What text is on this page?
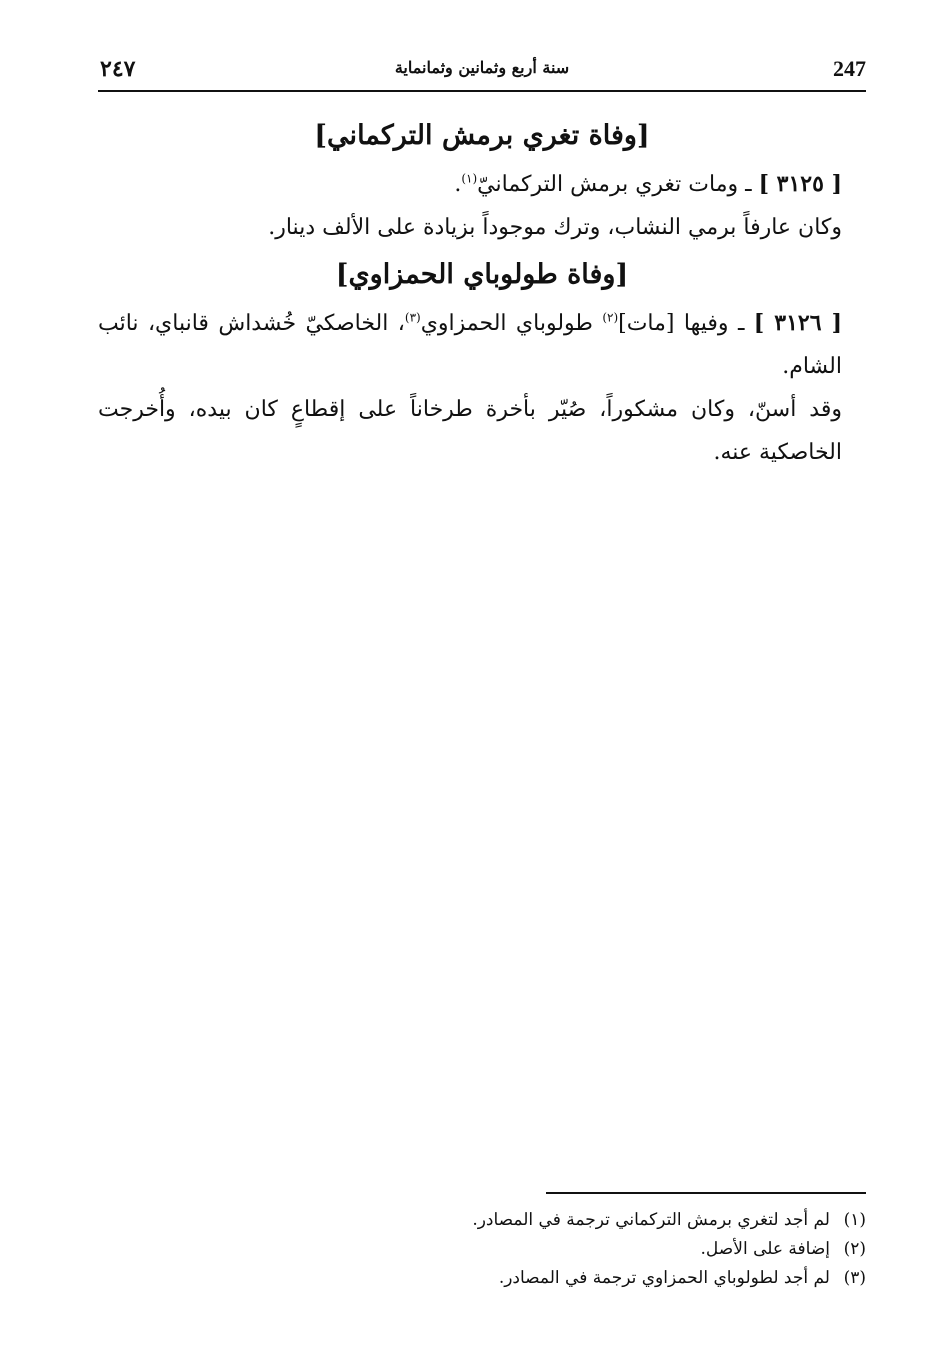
247
سنة أربع وثمانين وثمانماية
٢٤٧
[وفاة تغري برمش التركماني]

[ ٣١٢٥ ] ـ ومات تغري برمش التركمانيّ$^{(١)}$.

وكان عارفاً برمي النشاب، وترك موجوداً بزيادة على الألف دينار.

[وفاة طولوباي الحمزاوي]

[ ٣١٢٦ ] ـ وفيها [مات]$^{(٢)}$ طولوباي الحمزاوي$^{(٣)}$، الخاصكيّ خُشداش قانباي، نائب الشام.

وقد أسنّ، وكان مشكوراً، صُيّر بأخرة طرخاناً على إقطاعٍ كان بيده، وأُخرجت الخاصكية عنه.

(١)لم أجد لتغري برمش التركماني ترجمة في المصادر.
(٢)إضافة على الأصل.
(٣)لم أجد لطولوباي الحمزاوي ترجمة في المصادر.
